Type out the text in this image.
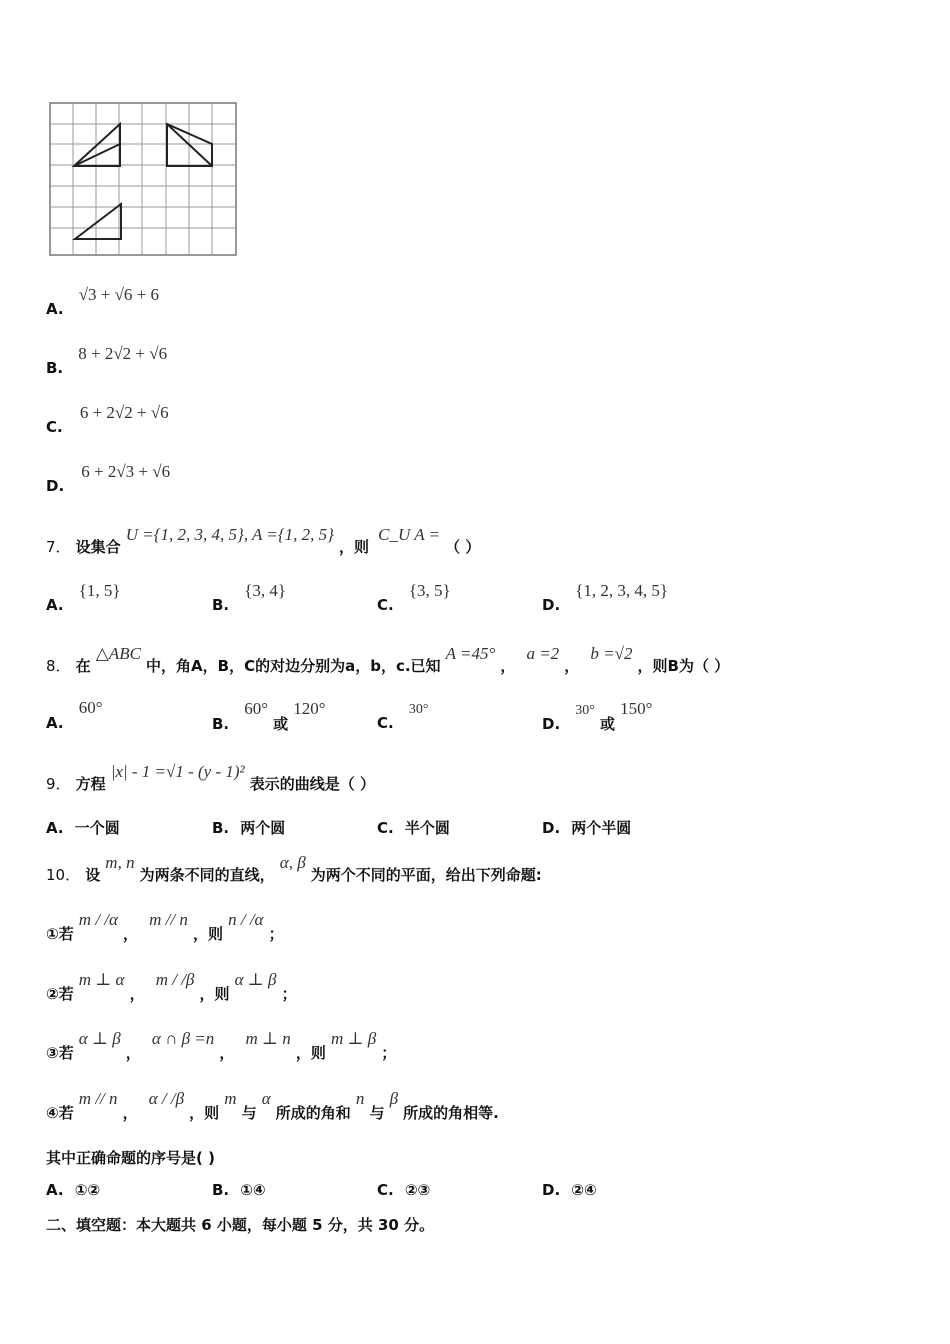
A. √3 + √6 + 6
B. 8 + 2√2 + √6
C. 6 + 2√2 + √6
D. 6 + 2√3 + √6
7． 设集合 U ={1, 2, 3, 4, 5}, A ={1, 2, 5} ，则 C_U A = （ ）
A. {1, 5}
B. {3, 4}
C. {3, 5}
D. {1, 2, 3, 4, 5}
8． 在 △ABC 中，角A，B，C的对边分别为a，b，c.已知 A =45° ， a =2 ， b =√2 ，则B为（ ）
A. 60°
B. 60° 或 120°
C. 30°
D. 30° 或 150°
9． 方程 |x| - 1 =√1 - (y - 1)² 表示的曲线是（ ）
A. 一个圆	B. 两个圆	C. 半个圆	D. 两个半圆
10． 设 m, n 为两条不同的直线， α, β 为两个不同的平面，给出下列命题:
①若 m / /α ， m // n ，则 n / /α ；
②若 m ⊥ α ， m / /β ，则 α ⊥ β ；
③若 α ⊥ β ， α ∩ β =n ， m ⊥ n ，则 m ⊥ β ；
④若 m // n ， α / /β ，则 m 与 α 所成的角和 n 与 β 所成的角相等.
其中正确命题的序号是( )
A. ①②	B. ①④	C. ②③	D. ②④
二、填空题：本大题共 6 小题，每小题 5 分，共 30 分。
